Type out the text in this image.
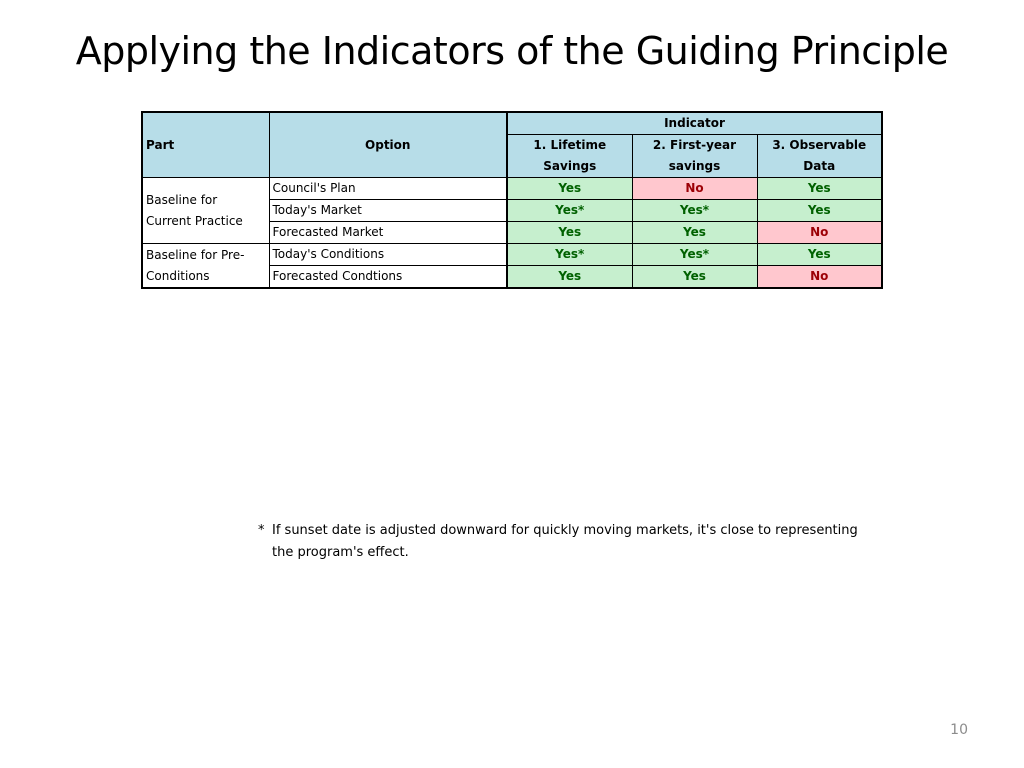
Applying the Indicators of the Guiding Principle
Part	Option	Indicator		
		1. Lifetime Savings	2. First-year savings	3. Observable Data
Baseline for Current Practice	Council's Plan	Yes	No	Yes
	Today's Market	Yes*	Yes*	Yes
	Forecasted Market	Yes	Yes	No
Baseline for Pre-Conditions	Today's Conditions	Yes*	Yes*	Yes
	Forecasted Condtions	Yes	Yes	No
* If sunset date is adjusted downward for quickly moving markets, it's close to representing the program's effect.
10
